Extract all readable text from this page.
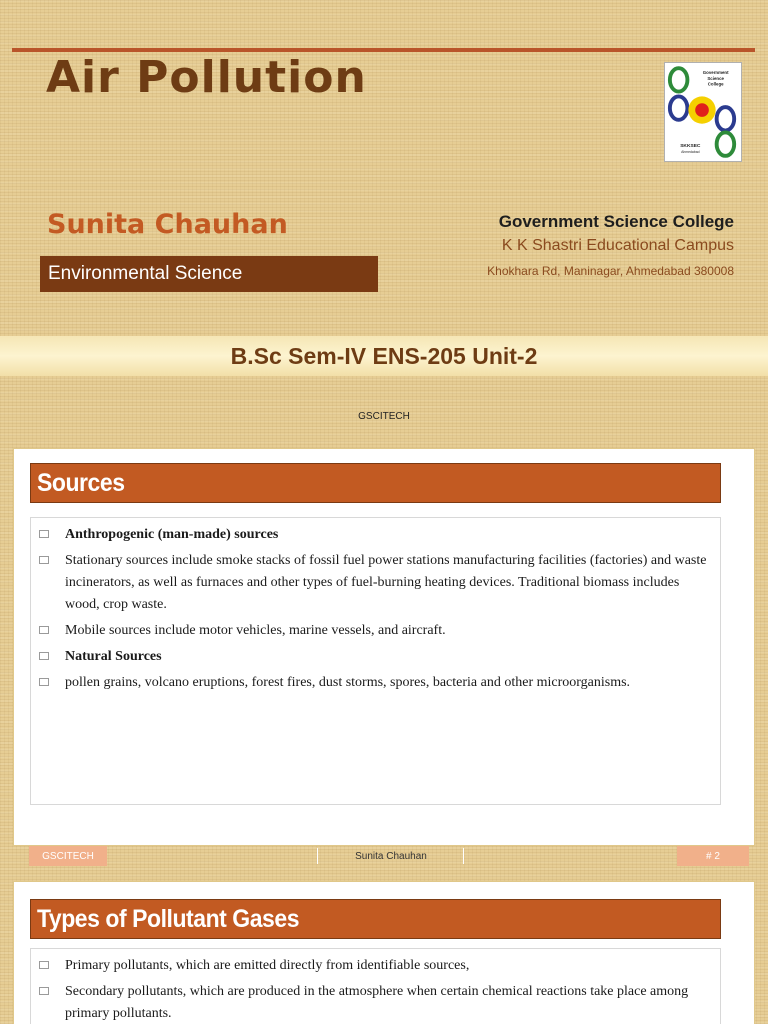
Air Pollution	Government
Science
College
SKKSEC
Ahmedabad
Sunita Chauhan
Environmental Science
Government Science College
K K Shastri Educational Campus
Khokhara Rd, Maninagar, Ahmedabad 380008
B.Sc Sem-IV ENS-205 Unit-2
GSCITECH
Sources
Anthropogenic (man-made) sources
Stationary sources include smoke stacks of fossil fuel power stations manufacturing facilities (factories) and waste incinerators, as well as furnaces and other types of fuel-burning heating devices. Traditional biomass includes wood, crop waste.
Mobile sources include motor vehicles, marine vessels, and aircraft.
Natural Sources
pollen grains, volcano eruptions, forest fires, dust storms, spores, bacteria and other microorganisms.
GSCITECH	Sunita Chauhan	# 2
Types of Pollutant Gases
Primary pollutants, which are emitted directly from identifiable sources,
Secondary pollutants, which are produced in the atmosphere when certain chemical reactions take place among primary pollutants.
